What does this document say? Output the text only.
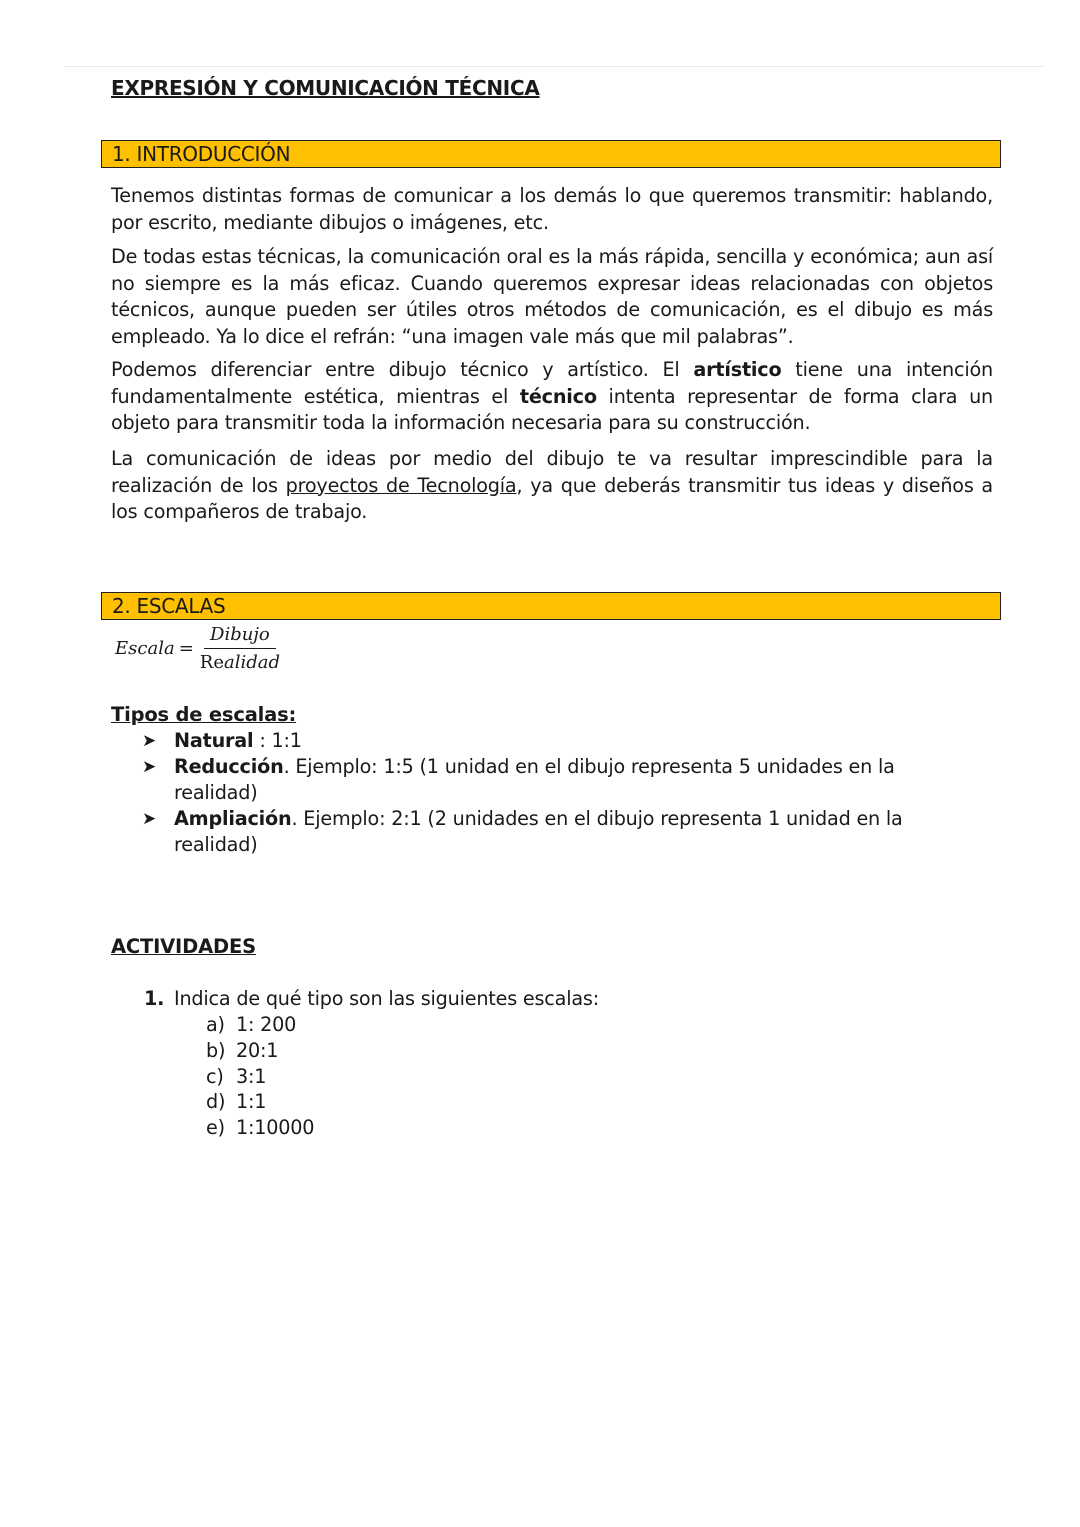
EXPRESIÓN Y COMUNICACIÓN TÉCNICA
1. INTRODUCCIÓN

Tenemos distintas formas de comunicar a los demás lo que queremos transmitir: hablando, por escrito, mediante dibujos o imágenes, etc.

De todas estas técnicas, la comunicación oral es la más rápida, sencilla y económica; aun así no siempre es la más eficaz. Cuando queremos expresar ideas relacionadas con objetos técnicos, aunque pueden ser útiles otros métodos de comunicación, es el dibujo es más empleado. Ya lo dice el refrán: “una imagen vale más que mil palabras”.

Podemos diferenciar entre dibujo técnico y artístico. El artístico tiene una intención fundamentalmente estética, mientras el técnico intenta representar de forma clara un objeto para transmitir toda la información necesaria para su construcción.

La comunicación de ideas por medio del dibujo te va resultar imprescindible para la realización de los proyectos de Tecnología, ya que deberás transmitir tus ideas y diseños a los compañeros de trabajo.

2. ESCALAS
Escala = $\frac{\text{Dibujo}}{\text{Realidad}}$
Tipos de escalas:
➤ Natural : 1:1
➤ Reducción. Ejemplo: 1:5 (1 unidad en el dibujo representa 5 unidades en la realidad)
➤ Ampliación. Ejemplo: 2:1 (2 unidades en el dibujo representa 1 unidad en la realidad)
ACTIVIDADES
1. Indica de qué tipo son las siguientes escalas:
a) 1: 200
b) 20:1
c) 3:1
d) 1:1
e) 1:10000
